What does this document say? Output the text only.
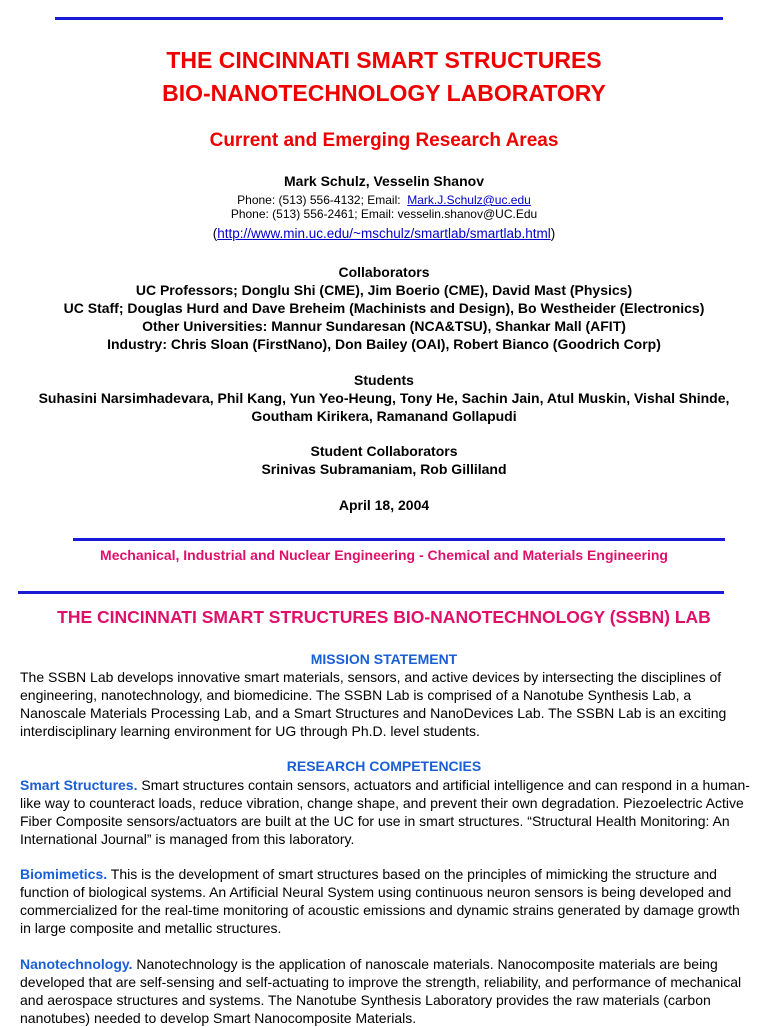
THE CINCINNATI SMART STRUCTURES
BIO-NANOTECHNOLOGY LABORATORY
Current and Emerging Research Areas
Mark Schulz, Vesselin Shanov
Phone: (513) 556-4132; Email: Mark.J.Schulz@uc.edu
Phone: (513) 556-2461; Email: vesselin.shanov@UC.Edu
(http://www.min.uc.edu/~mschulz/smartlab/smartlab.html)
Collaborators
UC Professors; Donglu Shi (CME), Jim Boerio (CME), David Mast (Physics)
UC Staff; Douglas Hurd and Dave Breheim (Machinists and Design), Bo Westheider (Electronics)
Other Universities: Mannur Sundaresan (NCA&TSU), Shankar Mall (AFIT)
Industry: Chris Sloan (FirstNano), Don Bailey (OAI), Robert Bianco (Goodrich Corp)
Students
Suhasini Narsimhadevara, Phil Kang, Yun Yeo-Heung, Tony He, Sachin Jain, Atul Muskin, Vishal Shinde,
Goutham Kirikera, Ramanand Gollapudi
Student Collaborators
Srinivas Subramaniam, Rob Gilliland
April 18, 2004
Mechanical, Industrial and Nuclear Engineering - Chemical and Materials Engineering
THE CINCINNATI SMART STRUCTURES BIO-NANOTECHNOLOGY (SSBN) LAB
MISSION STATEMENT
The SSBN Lab develops innovative smart materials, sensors, and active devices by intersecting the disciplines of engineering, nanotechnology, and biomedicine. The SSBN Lab is comprised of a Nanotube Synthesis Lab, a Nanoscale Materials Processing Lab, and a Smart Structures and NanoDevices Lab. The SSBN Lab is an exciting interdisciplinary learning environment for UG through Ph.D. level students.
RESEARCH COMPETENCIES
Smart Structures. Smart structures contain sensors, actuators and artificial intelligence and can respond in a human-like way to counteract loads, reduce vibration, change shape, and prevent their own degradation. Piezoelectric Active Fiber Composite sensors/actuators are built at the UC for use in smart structures. “Structural Health Monitoring: An International Journal” is managed from this laboratory.
Biomimetics. This is the development of smart structures based on the principles of mimicking the structure and function of biological systems. An Artificial Neural System using continuous neuron sensors is being developed and commercialized for the real-time monitoring of acoustic emissions and dynamic strains generated by damage growth in large composite and metallic structures.
Nanotechnology. Nanotechnology is the application of nanoscale materials. Nanocomposite materials are being developed that are self-sensing and self-actuating to improve the strength, reliability, and performance of mechanical and aerospace structures and systems. The Nanotube Synthesis Laboratory provides the raw materials (carbon nanotubes) needed to develop Smart Nanocomposite Materials.
